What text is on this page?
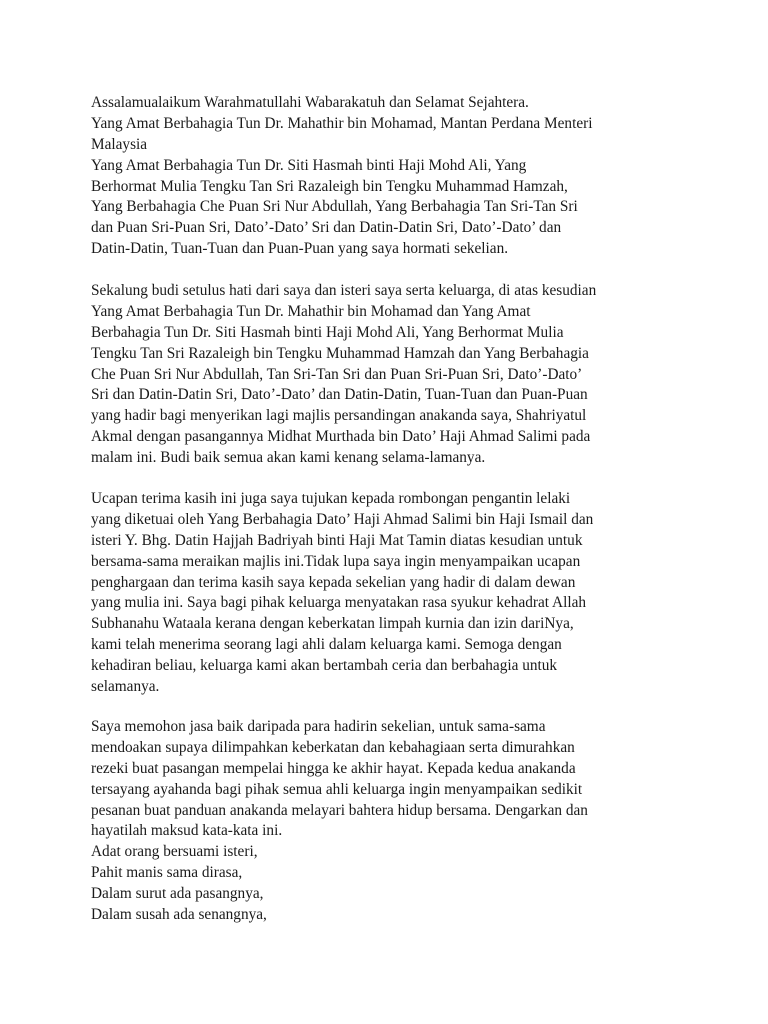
Assalamualaikum Warahmatullahi Wabarakatuh dan Selamat Sejahtera.
Yang Amat Berbahagia Tun Dr. Mahathir bin Mohamad, Mantan Perdana Menteri
Malaysia
Yang Amat Berbahagia Tun Dr. Siti Hasmah binti Haji Mohd Ali, Yang
Berhormat Mulia Tengku Tan Sri Razaleigh bin Tengku Muhammad Hamzah,
Yang Berbahagia Che Puan Sri Nur Abdullah, Yang Berbahagia Tan Sri-Tan Sri
dan Puan Sri-Puan Sri, Dato’-Dato’ Sri dan Datin-Datin Sri, Dato’-Dato’ dan
Datin-Datin, Tuan-Tuan dan Puan-Puan yang saya hormati sekelian.
Sekalung budi setulus hati dari saya dan isteri saya serta keluarga, di atas kesudian
Yang Amat Berbahagia Tun Dr. Mahathir bin Mohamad dan Yang Amat
Berbahagia Tun Dr. Siti Hasmah binti Haji Mohd Ali, Yang Berhormat Mulia
Tengku Tan Sri Razaleigh bin Tengku Muhammad Hamzah dan Yang Berbahagia
Che Puan Sri Nur Abdullah, Tan Sri-Tan Sri dan Puan Sri-Puan Sri, Dato’-Dato’
Sri dan Datin-Datin Sri, Dato’-Dato’ dan Datin-Datin, Tuan-Tuan dan Puan-Puan
yang hadir bagi menyerikan lagi majlis persandingan anakanda saya, Shahriyatul
Akmal dengan pasangannya Midhat Murthada bin Dato’ Haji Ahmad Salimi pada
malam ini. Budi baik semua akan kami kenang selama-lamanya.
Ucapan terima kasih ini juga saya tujukan kepada rombongan pengantin lelaki
yang diketuai oleh Yang Berbahagia Dato’ Haji Ahmad Salimi bin Haji Ismail dan
isteri Y. Bhg. Datin Hajjah Badriyah binti Haji Mat Tamin diatas kesudian untuk
bersama-sama meraikan majlis ini.Tidak lupa saya ingin menyampaikan ucapan
penghargaan dan terima kasih saya kepada sekelian yang hadir di dalam dewan
yang mulia ini. Saya bagi pihak keluarga menyatakan rasa syukur kehadrat Allah
Subhanahu Wataala kerana dengan keberkatan limpah kurnia dan izin dariNya,
kami telah menerima seorang lagi ahli dalam keluarga kami. Semoga dengan
kehadiran beliau, keluarga kami akan bertambah ceria dan berbahagia untuk
selamanya.
Saya memohon jasa baik daripada para hadirin sekelian, untuk sama-sama
mendoakan supaya dilimpahkan keberkatan dan kebahagiaan serta dimurahkan
rezeki buat pasangan mempelai hingga ke akhir hayat. Kepada kedua anakanda
tersayang ayahanda bagi pihak semua ahli keluarga ingin menyampaikan sedikit
pesanan buat panduan anakanda melayari bahtera hidup bersama. Dengarkan dan
hayatilah maksud kata-kata ini.
Adat orang bersuami isteri,
Pahit manis sama dirasa,
Dalam surut ada pasangnya,
Dalam susah ada senangnya,
